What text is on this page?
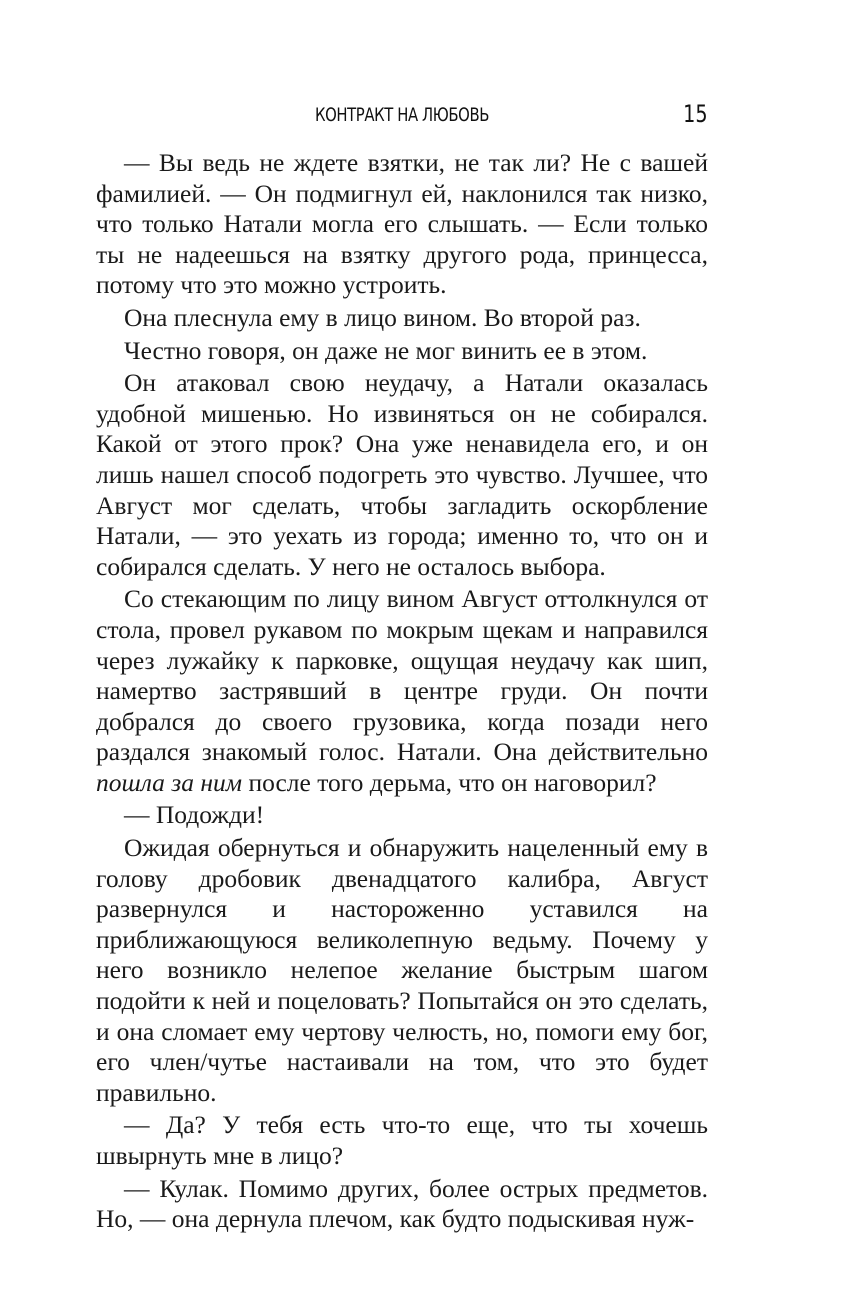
КОНТРАКТ НА ЛЮБОВЬ	15

— Вы ведь не ждете взятки, не так ли? Не с вашей фамилией. — Он подмигнул ей, наклонился так низко, что только Натали могла его слышать. — Если только ты не надеешься на взятку другого рода, принцесса, потому что это можно устроить.

Она плеснула ему в лицо вином. Во второй раз.

Честно говоря, он даже не мог винить ее в этом.

Он атаковал свою неудачу, а Натали оказалась удобной мишенью. Но извиняться он не собирался. Какой от этого прок? Она уже ненавидела его, и он лишь нашел способ подогреть это чувство. Лучшее, что Август мог сделать, чтобы загладить оскорбление Натали, — это уехать из города; именно то, что он и собирался сделать. У него не осталось выбора.

Со стекающим по лицу вином Август оттолкнулся от стола, провел рукавом по мокрым щекам и направился через лужайку к парковке, ощущая неудачу как шип, намертво застрявший в центре груди. Он почти добрался до своего грузовика, когда позади него раздался знакомый голос. Натали. Она действительно пошла за ним после того дерьма, что он наговорил?

— Подожди!

Ожидая обернуться и обнаружить нацеленный ему в голову дробовик двенадцатого калибра, Август развернулся и настороженно уставился на приближающуюся великолепную ведьму. Почему у него возникло нелепое желание быстрым шагом подойти к ней и поцеловать? Попытайся он это сделать, и она сломает ему чертову челюсть, но, помоги ему бог, его член/чутье настаивали на том, что это будет правильно.

— Да? У тебя есть что-то еще, что ты хочешь швырнуть мне в лицо?

— Кулак. Помимо других, более острых предметов. Но, — она дернула плечом, как будто подыскивая нуж-
